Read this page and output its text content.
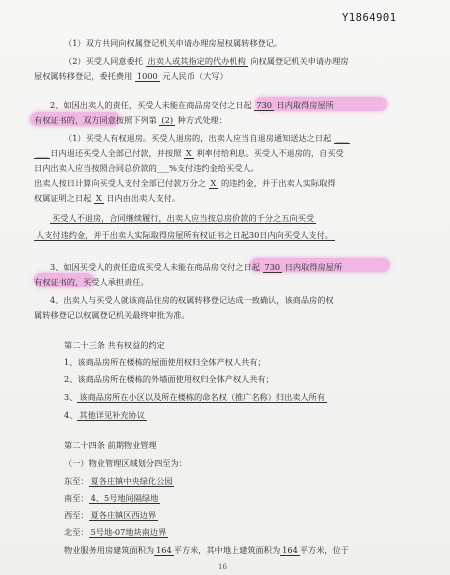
Y1864901
（1）双方共同向权属登记机关申请办理房屋权属转移登记。
（2）买受人同意委托 出卖人或其指定的代办机构 向权属登记机关申请办理房
屋权属转移登记，委托费用 1000 元人民币（大写）
2、如因出卖人的责任，买受人未能在商品房交付之日起 730 日内取得房屋所
有权证书的，双方同意按照下列第 (2) 种方式处理：
（1）买受人有权退房。买受人退房的，出卖人应当自退房通知送达之日起 ___
___ 日内退还买受人全部已付款，并按照 X 利率付给利息。买受人不退房的，自买受
日内出卖人应当按照合同总价款的___%支付违约金给买受人。
出卖人按日计算向买受人支付全部已付款万分之 X 的违约金，并于出卖人实际取得
权属证明之日起 X 日内由出卖人支付。
买受人不退房，合同继续履行，出卖人应当按总房价款的千分之五向买受
人支付违约金，并于出卖人实际取得房屋所有权证书之日起30日内向买受人支付。
3、如因买受人的责任造成买受人未能在商品房交付之日起 730 日内取得房屋所
有权证书的，买受人承担责任。
4、出卖人与买受人就该商品住房的权属转移登记达成一致确认，该商品房的权
属转移登记以权属登记机关最终审批为准。
第二十三条 共有权益的约定
1、该商品房所在楼栋的屋面使用权归全体产权人共有；
2、该商品房所在楼栋的外墙面使用权归全体产权人共有；
3、 该商品房所在小区以及所在楼栋的命名权（推广名称）归出卖人所有
4、 其他详见补充协议
第二十四条 前期物业管理
（一）物业管理区域划分四至为：
东至： 夏各庄镇中央绿化公园
南至： 4、5号地间隔绿地
西至： 夏各庄镇区西边界
北至： 5号地-07地块南边界
物业服务用房建筑面积为 164 平方米，其中地上建筑面积为 164 平方米，位于
16
